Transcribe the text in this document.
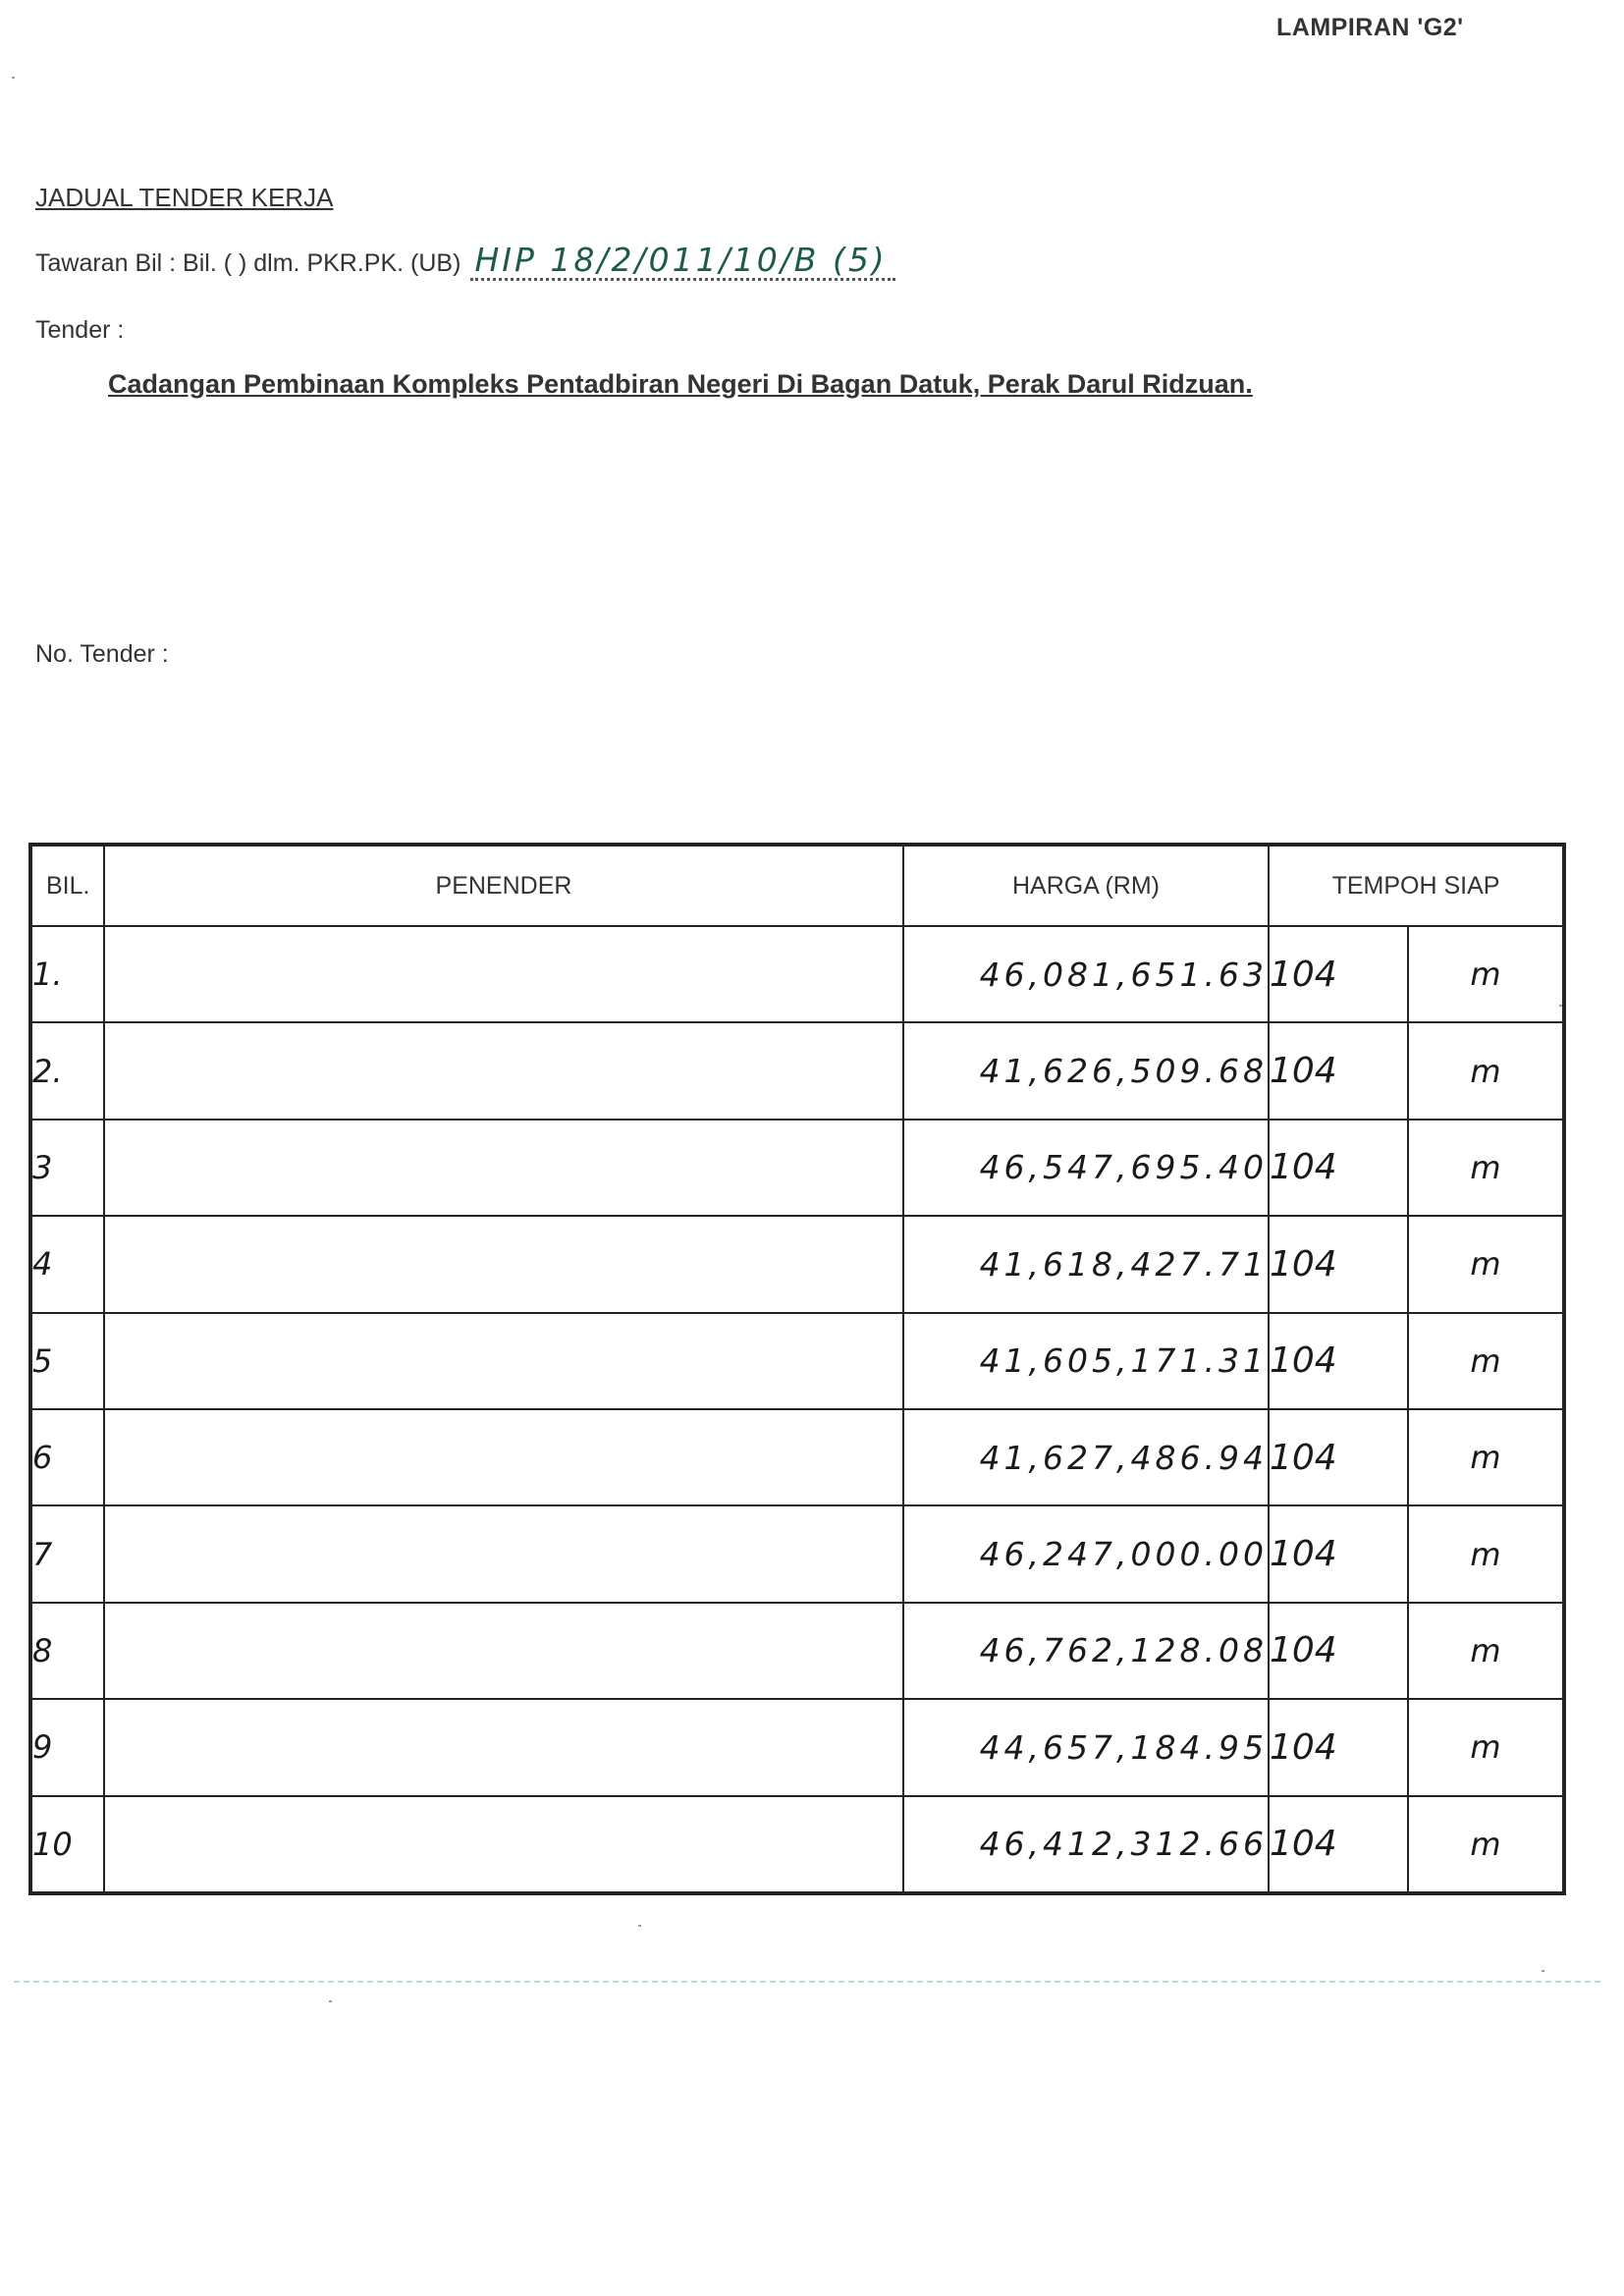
LAMPIRAN 'G2'
JADUAL TENDER KERJA
Tawaran Bil : Bil. ( ) dlm. PKR.PK. (UB) HIP 18/2/011/10/B (5)
Tender :
Cadangan Pembinaan Kompleks Pentadbiran Negeri Di Bagan Datuk, Perak Darul Ridzuan.
No. Tender :
BIL.	PENENDER	HARGA (RM)	TEMPOH SIAP	
1.		46,081,651.63	104	m
2.		41,626,509.68	104	m
3		46,547,695.40	104	m
4		41,618,427.71	104	m
5		41,605,171.31	104	m
6		41,627,486.94	104	m
7		46,247,000.00	104	m
8		46,762,128.08	104	m
9		44,657,184.95	104	m
10		46,412,312.66	104	m
